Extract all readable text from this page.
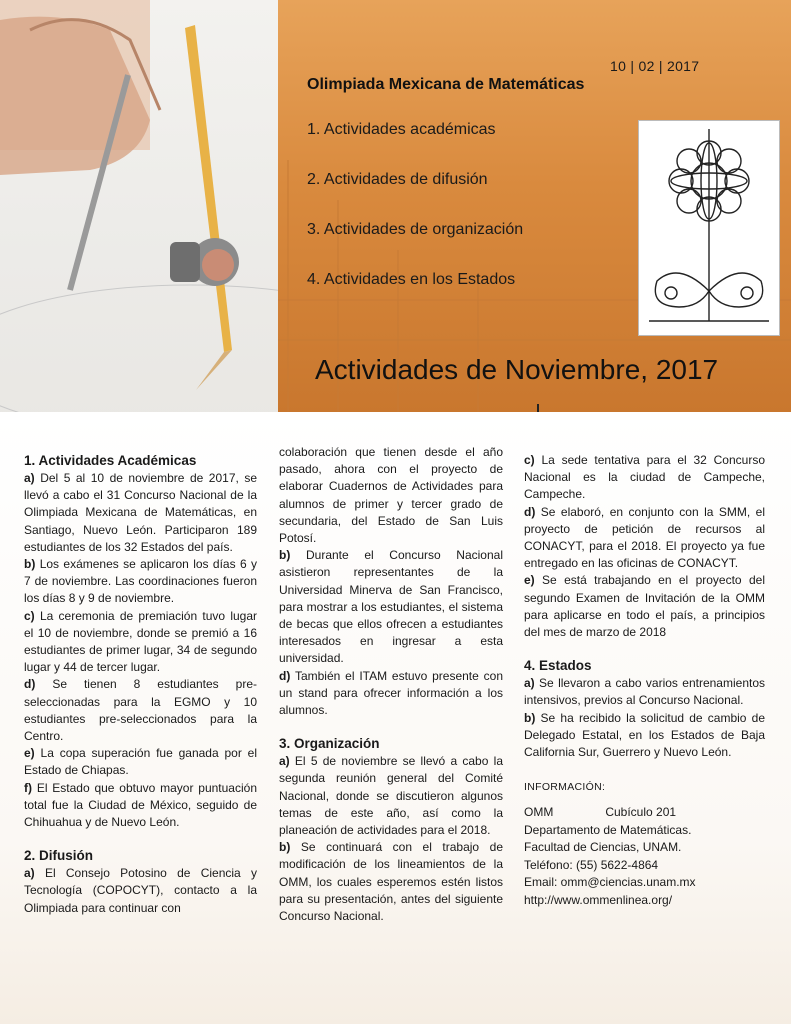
10 | 02 | 2017
Olimpiada Mexicana de Matemáticas
1. Actividades académicas
2. Actividades de difusión
3. Actividades de organización
4. Actividades en los Estados
Actividades de Noviembre, 2017
1. Actividades Académicas

a) Del 5 al 10 de noviembre de 2017, se llevó a cabo el 31 Concurso Nacional de la Olimpiada Mexicana de Matemáticas, en Santiago, Nuevo León. Participaron 189 estudiantes de los 32 Estados del país.

b) Los exámenes se aplicaron los días 6 y 7 de noviembre. Las coordinaciones fueron los días 8 y 9 de noviembre.

c) La ceremonia de premiación tuvo lugar el 10 de noviembre, donde se premió a 16 estudiantes de primer lugar, 34 de segundo lugar y 44 de tercer lugar.

d) Se tienen 8 estudiantes pre-seleccionadas para la EGMO y 10 estudiantes pre-seleccionados para la Centro.

e) La copa superación fue ganada por el Estado de Chiapas.

f) El Estado que obtuvo mayor puntuación total fue la Ciudad de México, seguido de Chihuahua y de Nuevo León.

2. Difusión

a) El Consejo Potosino de Ciencia y Tecnología (COPOCYT), contacto a la Olimpiada para continuar con

colaboración que tienen desde el año pasado, ahora con el proyecto de elaborar Cuadernos de Actividades para alumnos de primer y tercer grado de secundaria, del Estado de San Luis Potosí.

b) Durante el Concurso Nacional asistieron representantes de la Universidad Minerva de San Francisco, para mostrar a los estudiantes, el sistema de becas que ellos ofrecen a estudiantes interesados en ingresar a esta universidad.

d) También el ITAM estuvo presente con un stand para ofrecer información a los alumnos.

3. Organización

a) El 5 de noviembre se llevó a cabo la segunda reunión general del Comité Nacional, donde se discutieron algunos temas de este año, así como la planeación de actividades para el 2018.

b) Se continuará con el trabajo de modificación de los lineamientos de la OMM, los cuales esperemos estén listos para su presentación, antes del siguiente Concurso Nacional.

c) La sede tentativa para el 32 Concurso Nacional es la ciudad de Campeche, Campeche.

d) Se elaboró, en conjunto con la SMM, el proyecto de petición de recursos al CONACYT, para el 2018. El proyecto ya fue entregado en las oficinas de CONACYT.

e) Se está trabajando en el proyecto del segundo Examen de Invitación de la OMM para aplicarse en todo el país, a principios del mes de marzo de 2018

4. Estados

a) Se llevaron a cabo varios entrenamientos intensivos, previos al Concurso Nacional.

b) Se ha recibido la solicitud de cambio de Delegado Estatal, en los Estados de Baja California Sur, Guerrero y Nuevo León.

INFORMACIÓN:
OMM	Cubículo 201
Departamento de Matemáticas.
Facultad de Ciencias, UNAM.
Teléfono: (55) 5622-4864
Email: omm@ciencias.unam.mx
http://www.ommenlinea.org/
